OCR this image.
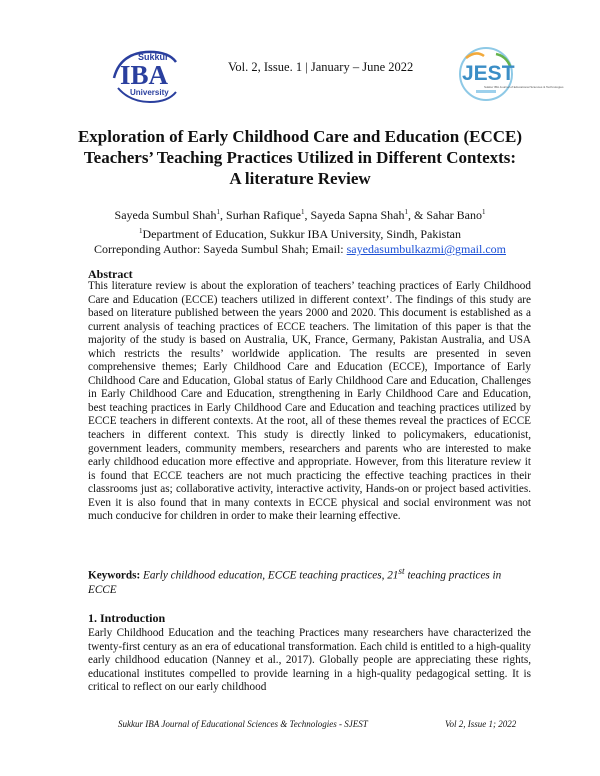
Sukkur
IBA
University
Vol. 2, Issue. 1 | January – June 2022 JEST
Sukkur IBA Journal of Educational Sciences & Technologies
Exploration of Early Childhood Care and Education (ECCE)
Teachers’ Teaching Practices Utilized in Different Contexts:
A literature Review
Sayeda Sumbul Shah$^1$, Surhan Rafique$^1$, Sayeda Sapna Shah$^1$, & Sahar Bano$^1$
$^1$Department of Education, Sukkur IBA University, Sindh, Pakistan
Correponding Author: Sayeda Sumbul Shah; Email: sayedasumbulkazmi@gmail.com
Abstract
This literature review is about the exploration of teachers’ teaching practices of Early Childhood Care and Education (ECCE) teachers utilized in different context’. The findings of this study are based on literature published between the years 2000 and 2020. This document is established as a current analysis of teaching practices of ECCE teachers. The limitation of this paper is that the majority of the study is based on Australia, UK, France, Germany, Pakistan Australia, and USA which restricts the results’ worldwide application. The results are presented in seven comprehensive themes; Early Childhood Care and Education (ECCE), Importance of Early Childhood Care and Education, Global status of Early Childhood Care and Education, Challenges in Early Childhood Care and Education, strengthening in Early Childhood Care and Education, best teaching practices in Early Childhood Care and Education and teaching practices utilized by ECCE teachers in different contexts. At the root, all of these themes reveal the practices of ECCE teachers in different context. This study is directly linked to policymakers, educationist, government leaders, community members, researchers and parents who are interested to make early childhood education more effective and appropriate. However, from this literature review it is found that ECCE teachers are not much practicing the effective teaching practices in their classrooms just as; collaborative activity, interactive activity, Hands-on or project based activities. Even it is also found that in many contexts in ECCE physical and social environment was not much conducive for children in order to make their learning effective.
Keywords: Early childhood education, ECCE teaching practices, 21st teaching practices in ECCE
1. Introduction
Early Childhood Education and the teaching Practices many researchers have characterized the twenty-first century as an era of educational transformation. Each child is entitled to a high-quality early childhood education (Nanney et al., 2017). Globally people are appreciating these rights, educational institutes compelled to provide learning in a high-quality pedagogical setting. It is critical to reflect on our early childhood
Sukkur IBA Journal of Educational Sciences & Technologies - SJEST	Vol 2, Issue 1; 2022
